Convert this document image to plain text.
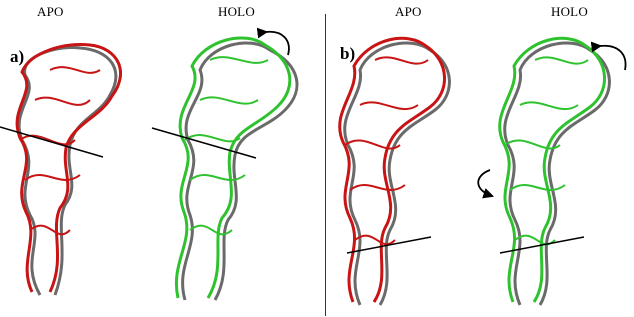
APO	HOLO	APO	HOLO
a)	b)
